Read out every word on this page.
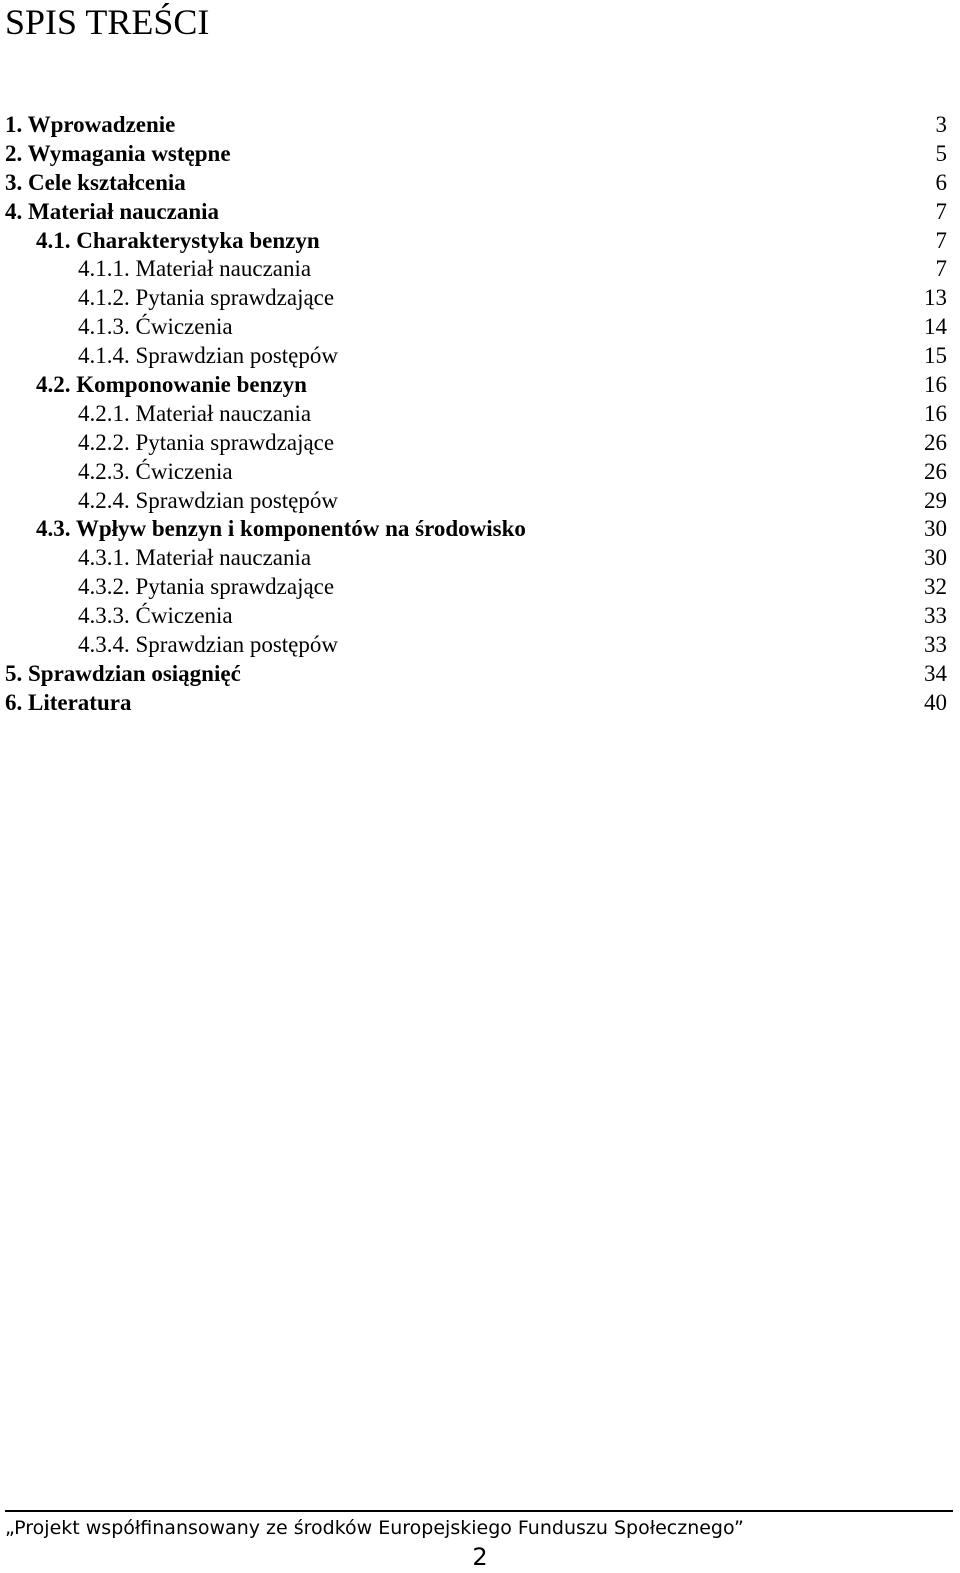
SPIS TREŚCI
1. Wprowadzenie	3
2. Wymagania wstępne	5
3. Cele kształcenia	6
4. Materiał nauczania	7
4.1. Charakterystyka benzyn	7
4.1.1. Materiał nauczania	7
4.1.2. Pytania sprawdzające	13
4.1.3. Ćwiczenia	14
4.1.4. Sprawdzian postępów	15
4.2. Komponowanie benzyn	16
4.2.1. Materiał nauczania	16
4.2.2. Pytania sprawdzające	26
4.2.3. Ćwiczenia	26
4.2.4. Sprawdzian postępów	29
4.3. Wpływ benzyn i komponentów na środowisko	30
4.3.1. Materiał nauczania	30
4.3.2. Pytania sprawdzające	32
4.3.3. Ćwiczenia	33
4.3.4. Sprawdzian postępów	33
5. Sprawdzian osiągnięć	34
6. Literatura	40
„Projekt współfinansowany ze środków Europejskiego Funduszu Społecznego”
2
